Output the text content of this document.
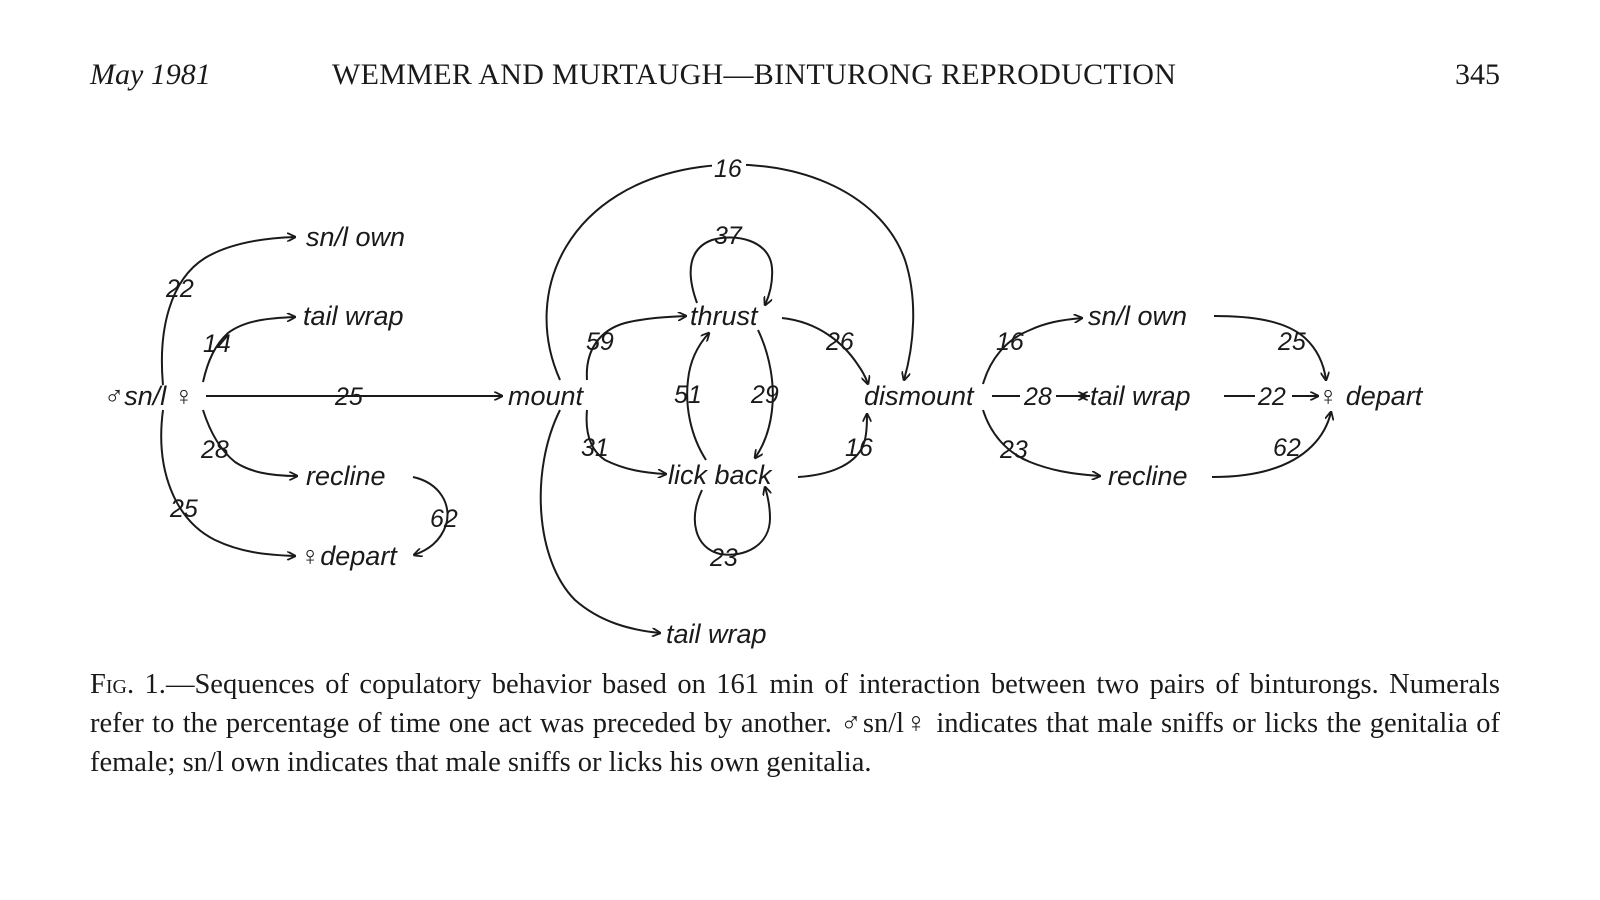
May 1981	WEMMER AND MURTAUGH—BINTURONG REPRODUCTION	345
♂sn/l ♀
sn/l own
tail wrap
recline
♀depart
mount
thrust
lick back
tail wrap
dismount
sn/l own
tail wrap
recline
♀ depart
22
14
25
28
25	62
16
37
59
31
51 29
26
16
23
16
28
23
25
22
62
Fig. 1.—Sequences of copulatory behavior based on 161 min of interaction between two pairs of binturongs. Numerals refer to the percentage of time one act was preceded by another. ♂sn/l♀ indicates that male sniffs or licks the genitalia of female; sn/l own indicates that male sniffs or licks his own genitalia.
